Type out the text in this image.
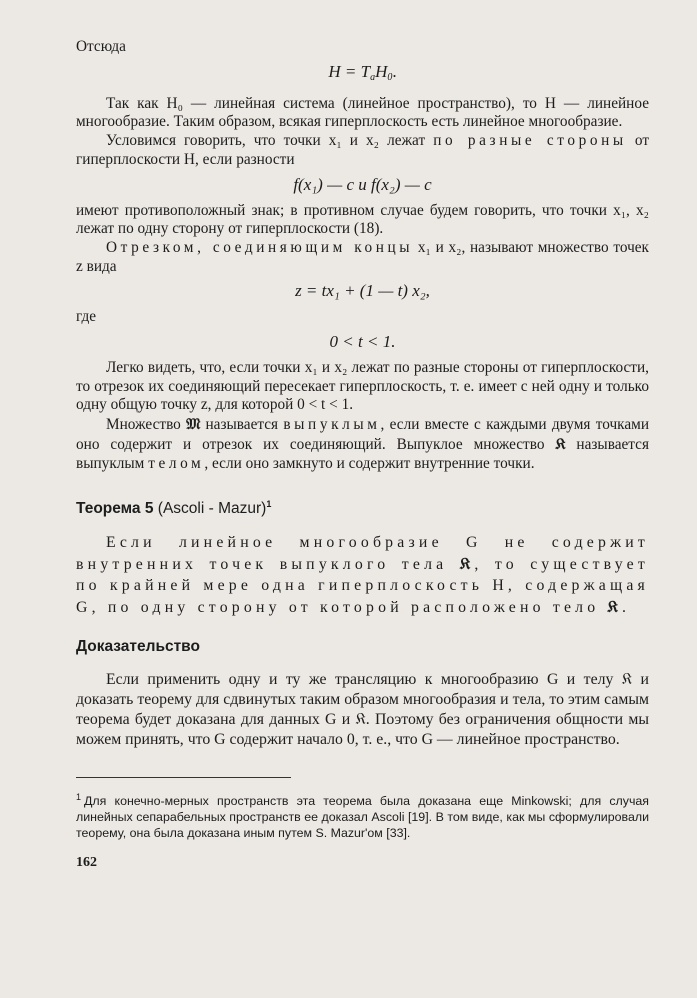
Отсюда

$H = T_aH_0$.

Так как H₀ — линейная система (линейное пространство), то H — линейное многообразие. Таким образом, всякая гиперплоскость есть линейное многообразие.

Условимся говорить, что точки x₁ и x₂ лежат по разные стороны от гиперплоскости H, если разности

f(x₁) — c и f(x₂) — c

имеют противоположный знак; в противном случае будем говорить, что точки x₁, x₂ лежат по одну сторону от гиперплоскости (18).

Отрезком, соединяющим концы x₁ и x₂, называют множество точек z вида

z = tx₁ + (1 — t) x₂,

где

0 < t < 1.

Легко видеть, что, если точки x₁ и x₂ лежат по разные стороны от гиперплоскости, то отрезок их соединяющий пересекает гиперплоскость, т. е. имеет с ней одну и только одну общую точку z, для которой 0 < t < 1.

Множество 𝔐 называется выпуклым, если вместе с каждыми двумя точками оно содержит и отрезок их соединяющий. Выпуклое множество 𝔎 называется выпуклым телом, если оно замкнуто и содержит внутренние точки.

Теорема 5 (Ascoli - Mazur)$^1$

Если линейное многообразие G не содержит внутренних точек выпуклого тела 𝔎, то существует по крайней мере одна гиперплоскость H, содержащая G, по одну сторону от которой расположено тело 𝔎.

Доказательство

Если применить одну и ту же трансляцию к многообразию G и телу 𝔎 и доказать теорему для сдвинутых таким образом многообразия и тела, то этим самым теорема будет доказана для данных G и 𝔎. Поэтому без ограничения общности мы можем принять, что G содержит начало 0, т. е., что G — линейное пространство.

$^1$ Для конечно-мерных пространств эта теорема была доказана еще Minkowski; для случая линейных сепарабельных пространств ее доказал Ascoli [19]. В том виде, как мы сформулировали теорему, она была доказана иным путем S. Mazur'ом [33].

162
